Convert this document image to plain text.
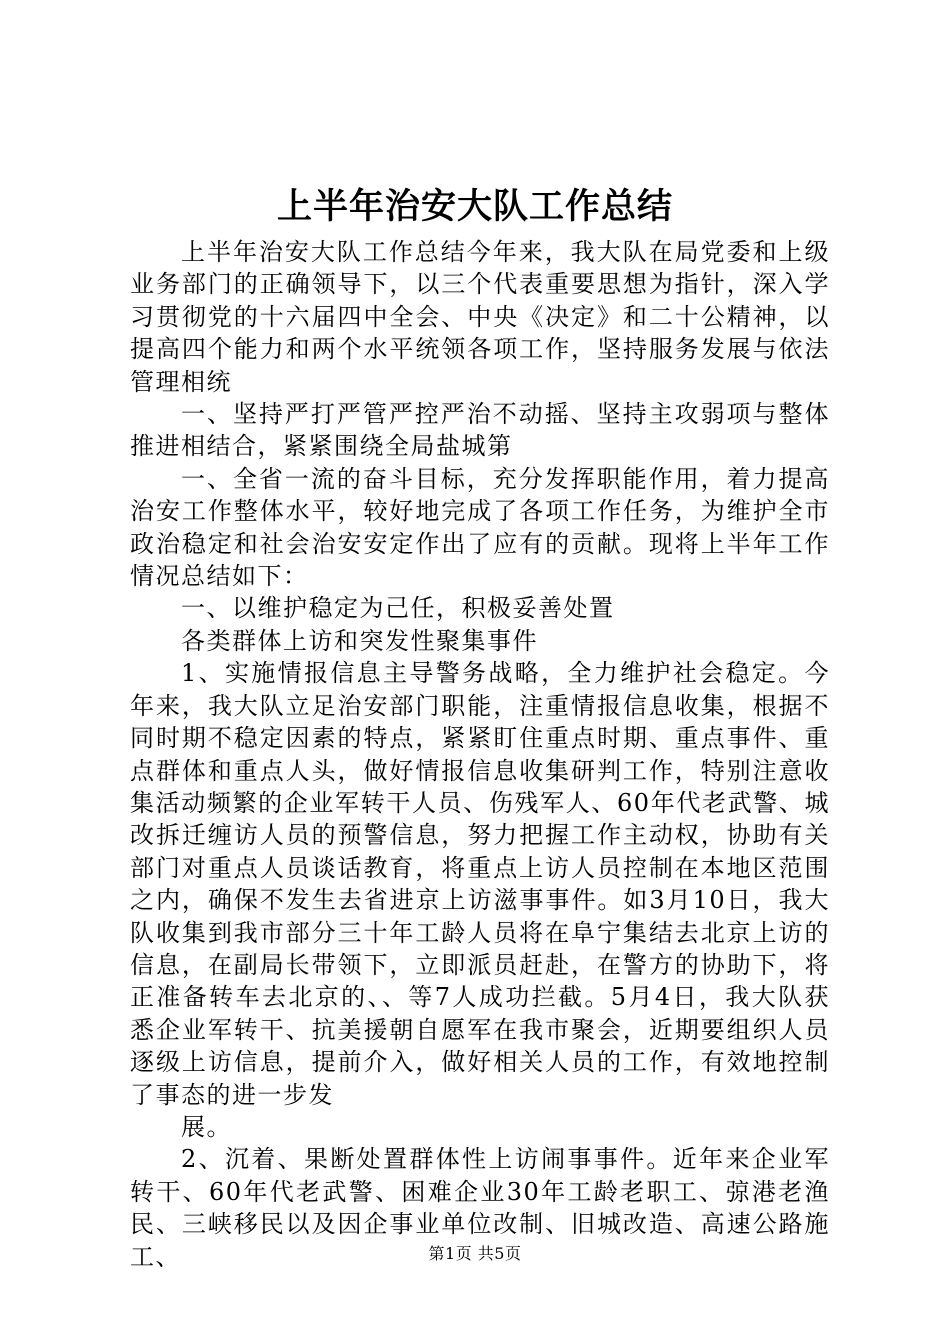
上半年治安大队工作总结

上半年治安大队工作总结今年来，我大队在局党委和上级业务部门的正确领导下，以三个代表重要思想为指针，深入学习贯彻党的十六届四中全会、中央《决定》和二十公精神，以提高四个能力和两个水平统领各项工作，坚持服务发展与依法管理相统

一、坚持严打严管严控严治不动摇、坚持主攻弱项与整体推进相结合，紧紧围绕全局盐城第

一、全省一流的奋斗目标，充分发挥职能作用，着力提高治安工作整体水平，较好地完成了各项工作任务，为维护全市政治稳定和社会治安安定作出了应有的贡献。现将上半年工作情况总结如下：

一、以维护稳定为己任，积极妥善处置

各类群体上访和突发性聚集事件

1、实施情报信息主导警务战略，全力维护社会稳定。今年来，我大队立足治安部门职能，注重情报信息收集，根据不同时期不稳定因素的特点，紧紧盯住重点时期、重点事件、重点群体和重点人头，做好情报信息收集研判工作，特别注意收集活动频繁的企业军转干人员、伤残军人、60年代老武警、城改拆迁缠访人员的预警信息，努力把握工作主动权，协助有关部门对重点人员谈话教育，将重点上访人员控制在本地区范围之内，确保不发生去省进京上访滋事事件。如3月10日，我大队收集到我市部分三十年工龄人员将在阜宁集结去北京上访的信息，在副局长带领下，立即派员赶赴，在警方的协助下，将正准备转车去北京的、、等7人成功拦截。5月4日，我大队获悉企业军转干、抗美援朝自愿军在我市聚会，近期要组织人员逐级上访信息，提前介入，做好相关人员的工作，有效地控制了事态的进一步发

展。

2、沉着、果断处置群体性上访闹事事件。近年来企业军转干、60年代老武警、困难企业30年工龄老职工、弶港老渔民、三峡移民以及因企事业单位改制、旧城改造、高速公路施工、	第1页 共5页
